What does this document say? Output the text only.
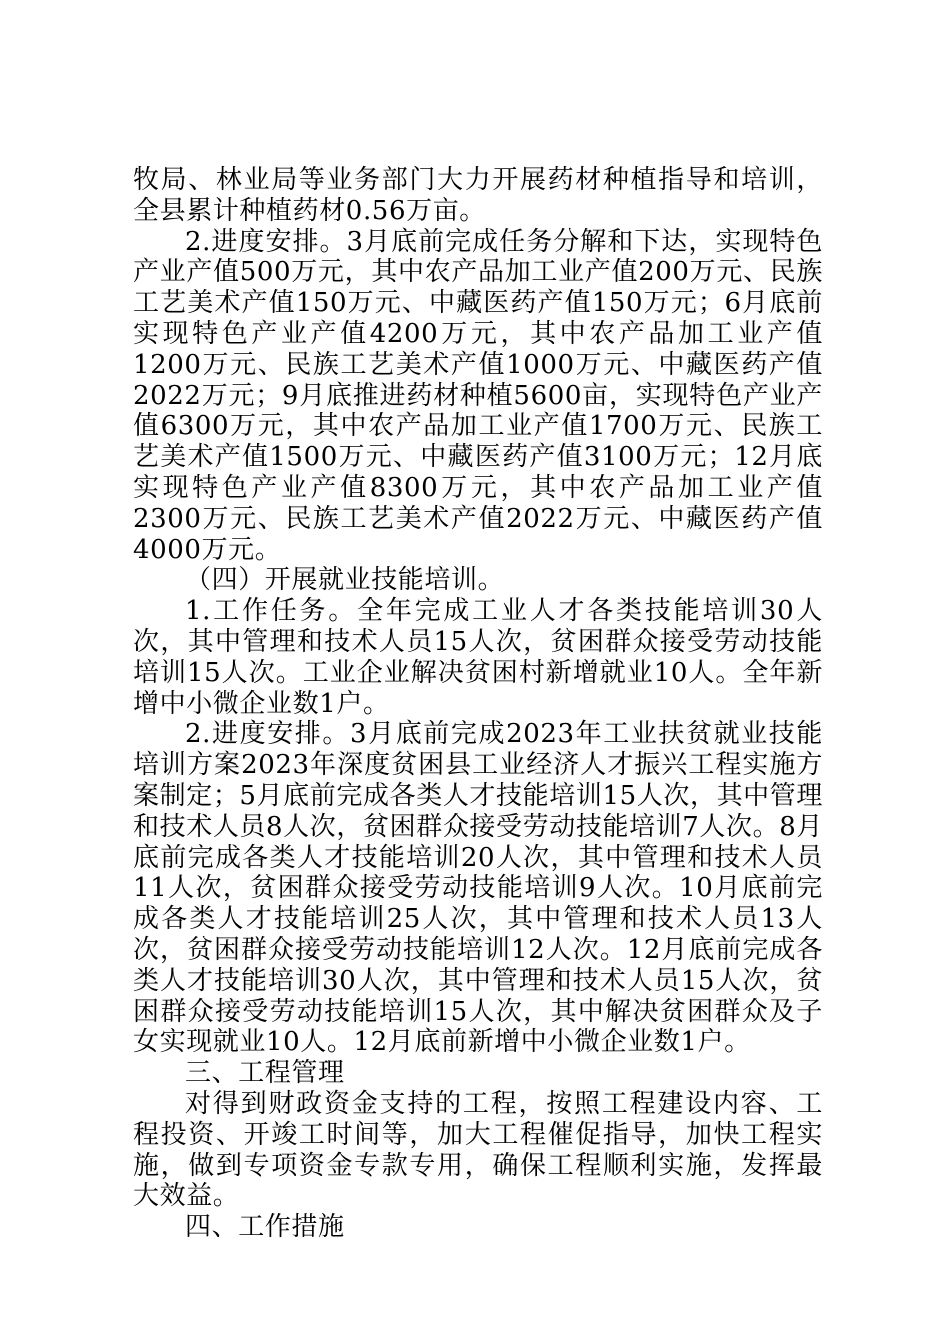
牧局、林业局等业务部门大力开展药材种植指导和培训，全县累计种植药材0.56万亩。

2.进度安排。3月底前完成任务分解和下达，实现特色产业产值500万元，其中农产品加工业产值200万元、民族工艺美术产值150万元、中藏医药产值150万元；6月底前实现特色产业产值4200万元，其中农产品加工业产值1200万元、民族工艺美术产值1000万元、中藏医药产值2022万元；9月底推进药材种植5600亩，实现特色产业产值6300万元，其中农产品加工业产值1700万元、民族工艺美术产值1500万元、中藏医药产值3100万元；12月底实现特色产业产值8300万元，其中农产品加工业产值2300万元、民族工艺美术产值2022万元、中藏医药产值4000万元。

（四）开展就业技能培训。

1.工作任务。全年完成工业人才各类技能培训30人次，其中管理和技术人员15人次，贫困群众接受劳动技能培训15人次。工业企业解决贫困村新增就业10人。全年新增中小微企业数1户。

2.进度安排。3月底前完成2023年工业扶贫就业技能培训方案2023年深度贫困县工业经济人才振兴工程实施方案制定；5月底前完成各类人才技能培训15人次，其中管理和技术人员8人次，贫困群众接受劳动技能培训7人次。8月底前完成各类人才技能培训20人次，其中管理和技术人员11人次，贫困群众接受劳动技能培训9人次。10月底前完成各类人才技能培训25人次，其中管理和技术人员13人次，贫困群众接受劳动技能培训12人次。12月底前完成各类人才技能培训30人次，其中管理和技术人员15人次，贫困群众接受劳动技能培训15人次，其中解决贫困群众及子女实现就业10人。12月底前新增中小微企业数1户。

三、工程管理

对得到财政资金支持的工程，按照工程建设内容、工程投资、开竣工时间等，加大工程催促指导，加快工程实施，做到专项资金专款专用，确保工程顺利实施，发挥最大效益。

四、工作措施
